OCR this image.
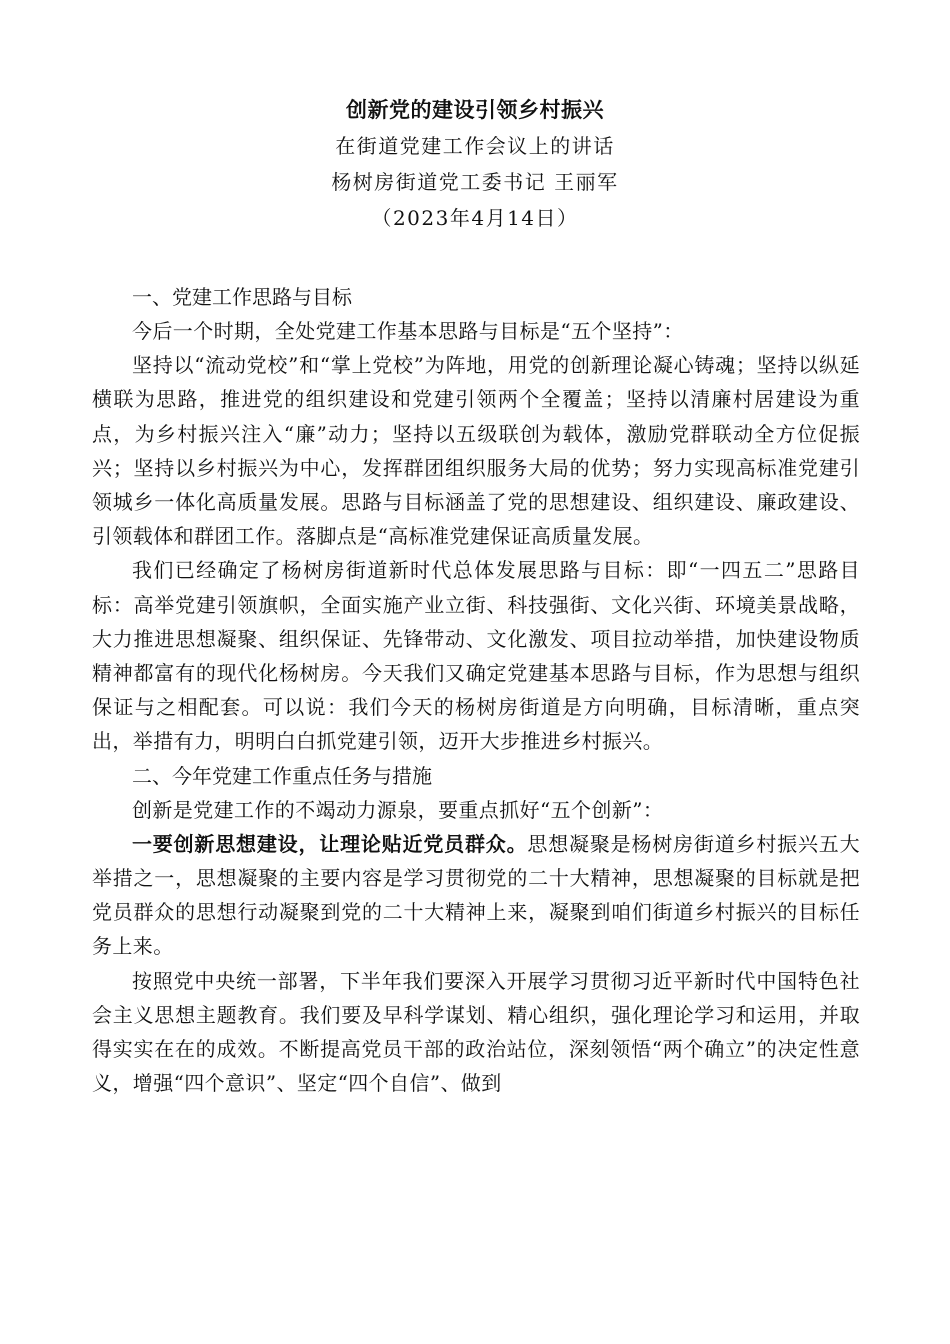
创新党的建设引领乡村振兴
在街道党建工作会议上的讲话
杨树房街道党工委书记 王丽军
（2023年4月14日）
一、党建工作思路与目标

今后一个时期，全处党建工作基本思路与目标是“五个坚持”：

坚持以“流动党校”和“掌上党校”为阵地，用党的创新理论凝心铸魂；坚持以纵延横联为思路，推进党的组织建设和党建引领两个全覆盖；坚持以清廉村居建设为重点，为乡村振兴注入“廉”动力；坚持以五级联创为载体，激励党群联动全方位促振兴；坚持以乡村振兴为中心，发挥群团组织服务大局的优势；努力实现高标准党建引领城乡一体化高质量发展。思路与目标涵盖了党的思想建设、组织建设、廉政建设、引领载体和群团工作。落脚点是“高标准党建保证高质量发展。

我们已经确定了杨树房街道新时代总体发展思路与目标：即“一四五二”思路目标：高举党建引领旗帜，全面实施产业立街、科技强街、文化兴街、环境美景战略，大力推进思想凝聚、组织保证、先锋带动、文化激发、项目拉动举措，加快建设物质精神都富有的现代化杨树房。今天我们又确定党建基本思路与目标，作为思想与组织保证与之相配套。可以说：我们今天的杨树房街道是方向明确，目标清晰，重点突出，举措有力，明明白白抓党建引领，迈开大步推进乡村振兴。

二、今年党建工作重点任务与措施

创新是党建工作的不竭动力源泉，要重点抓好“五个创新”：

一要创新思想建设，让理论贴近党员群众。思想凝聚是杨树房街道乡村振兴五大举措之一，思想凝聚的主要内容是学习贯彻党的二十大精神，思想凝聚的目标就是把党员群众的思想行动凝聚到党的二十大精神上来，凝聚到咱们街道乡村振兴的目标任务上来。

按照党中央统一部署，下半年我们要深入开展学习贯彻习近平新时代中国特色社会主义思想主题教育。我们要及早科学谋划、精心组织，强化理论学习和运用，并取得实实在在的成效。不断提高党员干部的政治站位，深刻领悟“两个确立”的决定性意义，增强“四个意识”、坚定“四个自信”、做到
